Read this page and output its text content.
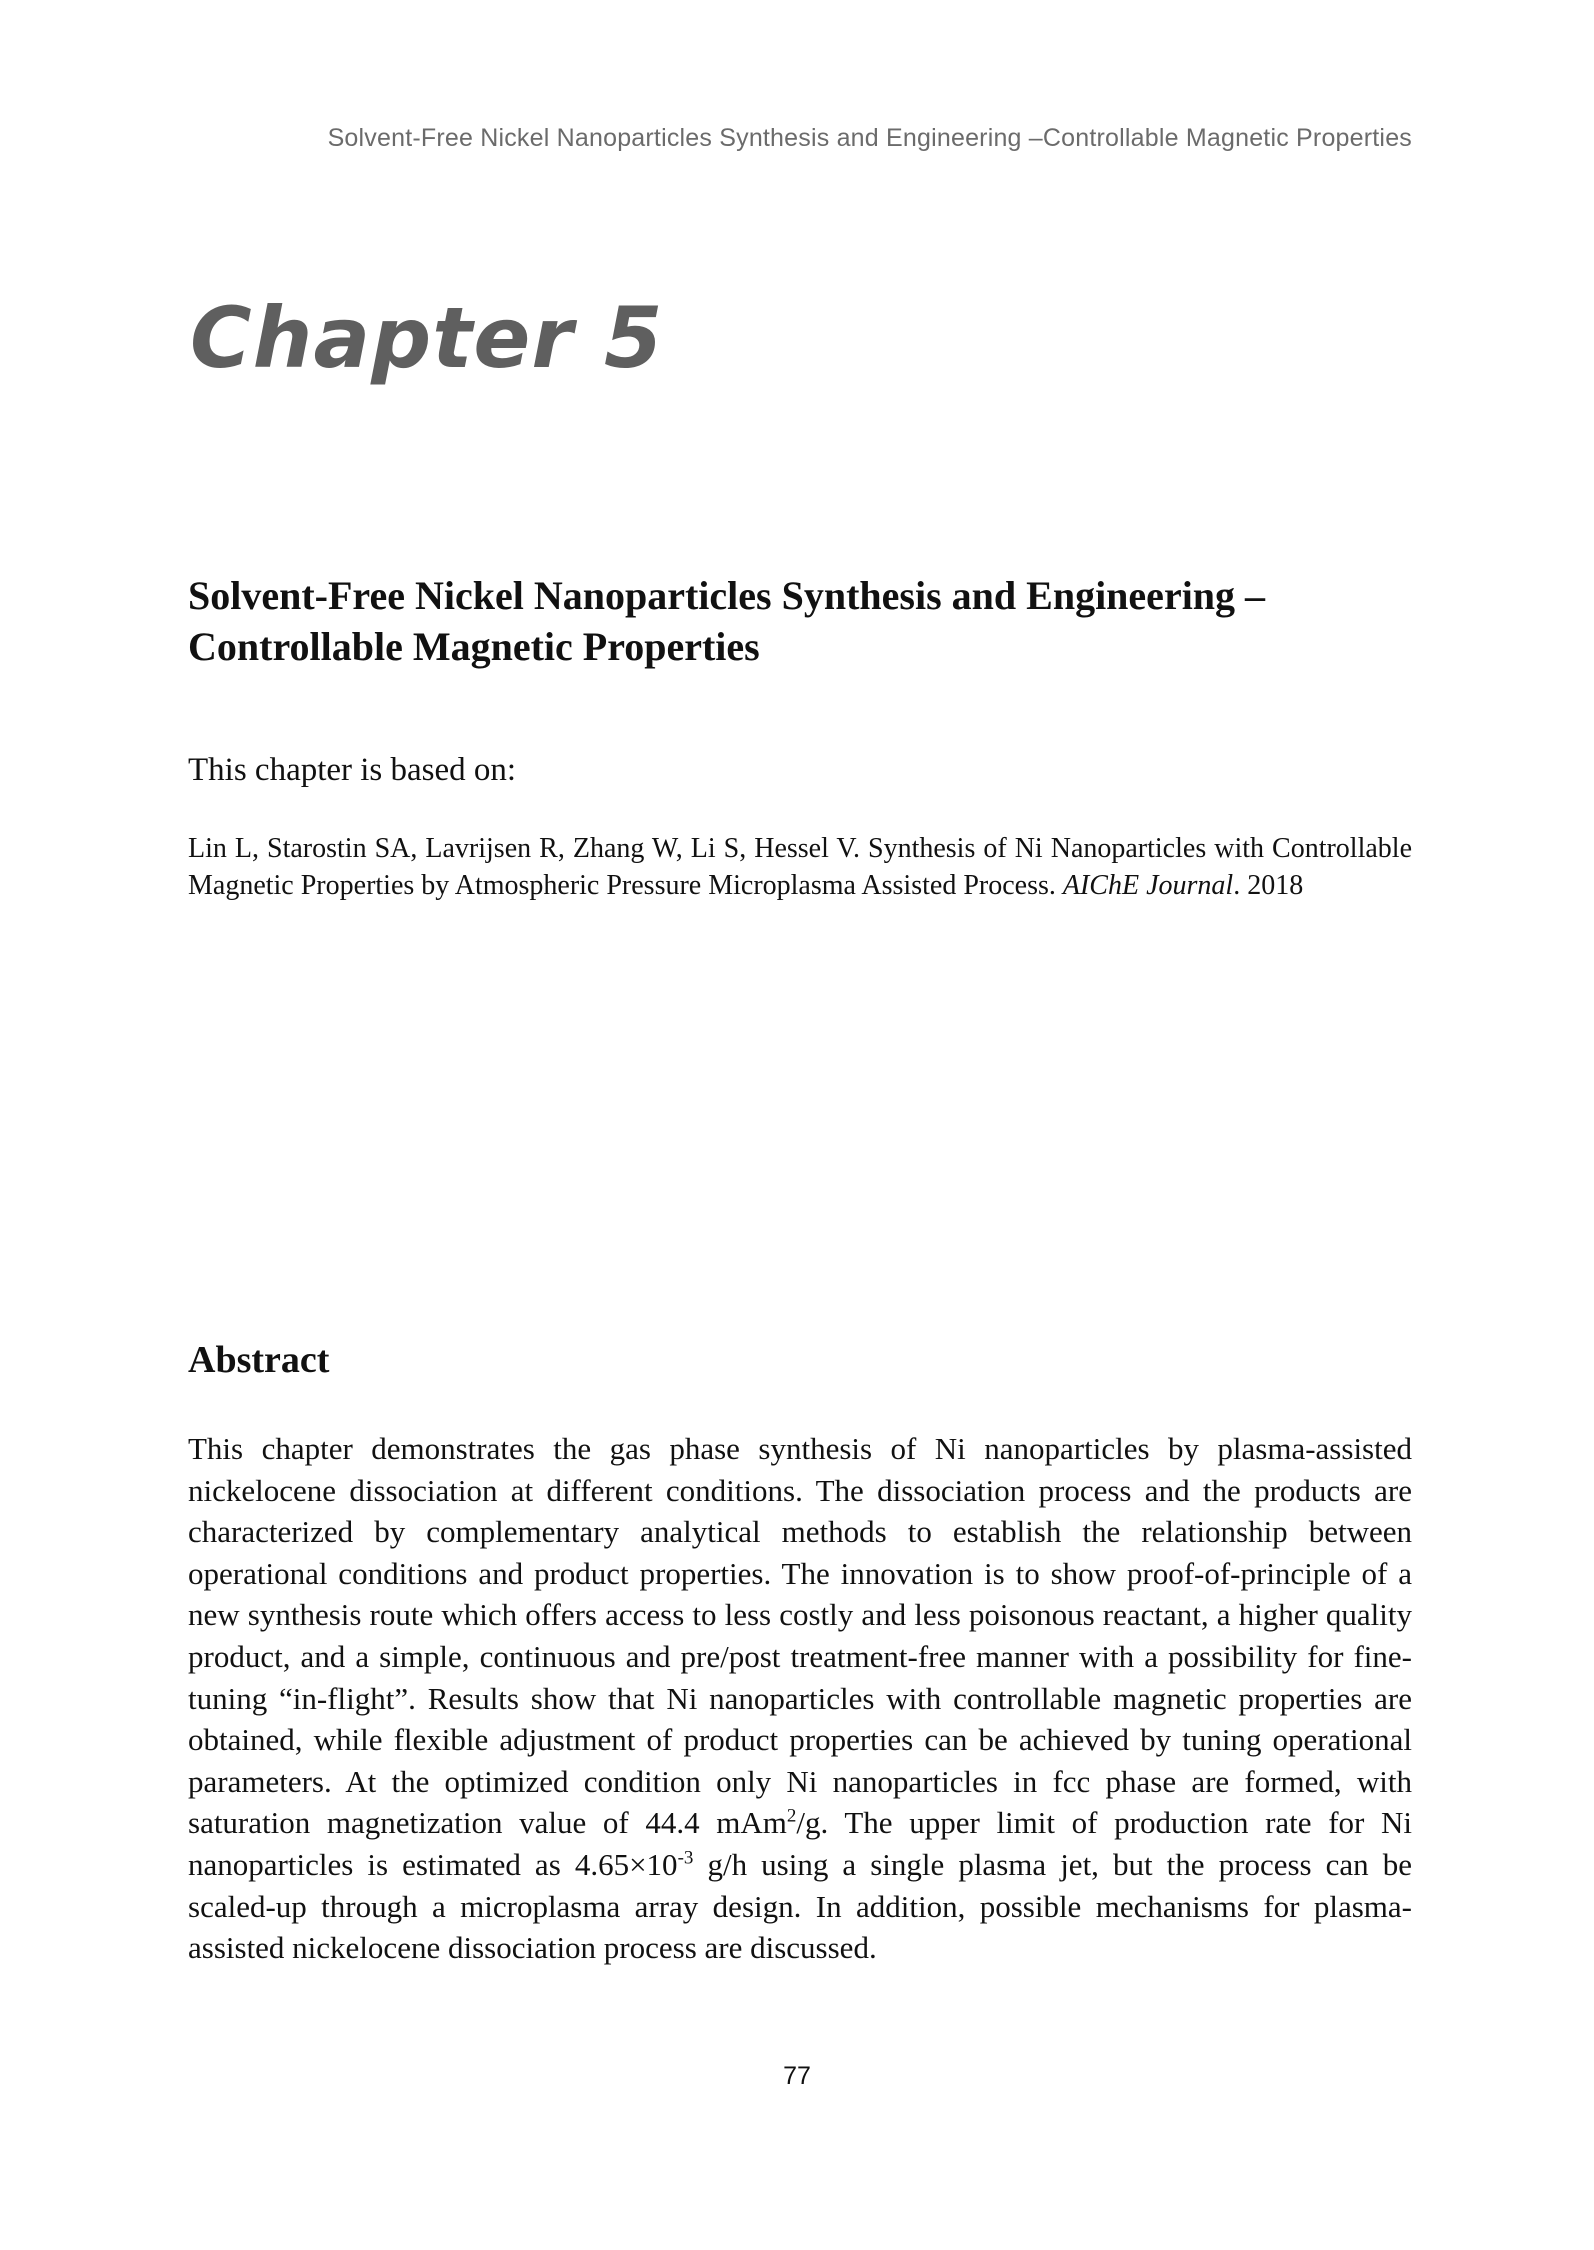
Solvent-Free Nickel Nanoparticles Synthesis and Engineering –Controllable Magnetic Properties
Chapter 5
Solvent-Free Nickel Nanoparticles Synthesis and Engineering –
Controllable Magnetic Properties

This chapter is based on:

Lin L, Starostin SA, Lavrijsen R, Zhang W, Li S, Hessel V. Synthesis of Ni Nanoparticles with Controllable Magnetic Properties by Atmospheric Pressure Microplasma Assisted Process. AIChE Journal. 2018

Abstract

This chapter demonstrates the gas phase synthesis of Ni nanoparticles by plasma-assisted nickelocene dissociation at different conditions. The dissociation process and the products are characterized by complementary analytical methods to establish the relationship between operational conditions and product properties. The innovation is to show proof-of-principle of a new synthesis route which offers access to less costly and less poisonous reactant, a higher quality product, and a simple, continuous and pre/post treatment-free manner with a possibility for fine-tuning “in-flight”. Results show that Ni nanoparticles with controllable magnetic properties are obtained, while flexible adjustment of product properties can be achieved by tuning operational parameters. At the optimized condition only Ni nanoparticles in fcc phase are formed, with saturation magnetization value of 44.4 mAm$^2$/g. The upper limit of production rate for Ni nanoparticles is estimated as $4.65\times 10^{-3}$ g/h using a single plasma jet, but the process can be scaled-up through a microplasma array design. In addition, possible mechanisms for plasma-assisted nickelocene dissociation process are discussed.

77
